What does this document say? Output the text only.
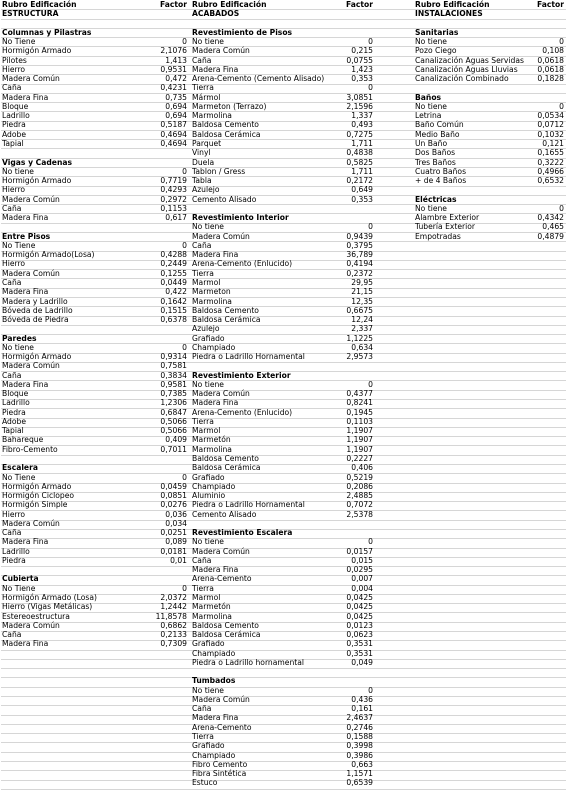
Rubro Edificación	Factor
ESTRUCTURA
Columnas y Pilastras
No Tiene	0
Hormigón Armado	2,1076
Pilotes	1,413
Hierro	0,9531
Madera Común	0,472
Caña	0,4231
Madera Fina	0,735
Bloque	0,694
Ladrillo	0,694
Piedra	0,5187
Adobe	0,4694
Tapial	0,4694
Vigas y Cadenas
No tiene	0
Hormigón Armado	0,7719
Hierro	0,4293
Madera Común	0,2972
Caña	0,1153
Madera Fina	0,617
Entre Pisos
No Tiene	0
Hormigón Armado(Losa)	0,4288
Hierro	0,2449
Madera Común	0,1255
Caña	0,0449
Madera Fina	0,422
Madera y Ladrillo	0,1642
Bóveda de Ladrillo	0,1515
Bóveda de Piedra	0,6378
Paredes
No tiene	0
Hormigón Armado	0,9314
Madera Común	0,7581
Caña	0,3834
Madera Fina	0,9581
Bloque	0,7385
Ladrillo	1,2306
Piedra	0,6847
Adobe	0,5066
Tapial	0,5066
Bahareque	0,409
Fibro-Cemento	0,7011
Escalera
No Tiene	0
Hormigón Armado	0,0459
Hormigón Ciclopeo	0,0851
Hormigón Simple	0,0276
Hierro	0,036
Madera Común	0,034
Caña	0,0251
Madera Fina	0,089
Ladrillo	0,0181
Piedra	0,01
Cubierta
No Tiene	0
Hormigón Armado (Losa)	2,0372
Hierro (Vigas Metálicas)	1,2442
Estereoestructura	11,8578
Madera Común	0,6862
Caña	0,2133
Madera Fina	0,7309
Rubro Edificación	Factor
ACABADOS
Revestimiento de Pisos
No tiene	0
Madera Común	0,215
Caña	0,0755
Madera Fina	1,423
Arena-Cemento (Cemento Alisado)	0,353
Tierra	0
Mármol	3,0851
Marmeton (Terrazo)	2,1596
Marmolina	1,337
Baldosa Cemento	0,493
Baldosa Cerámica	0,7275
Parquet	1,711
Vinyl	0,4838
Duela	0,5825
Tablon / Gress	1,711
Tabla	0,2172
Azulejo	0,649
Cemento Alisado	0,353
Revestimiento Interior
No tiene	0
Madera Común	0,9439
Caña	0,3795
Madera Fina	36,789
Arena-Cemento (Enlucido)	0,4194
Tierra	0,2372
Marmol	29,95
Marmeton	21,15
Marmolina	12,35
Baldosa Cemento	0,6675
Baldosa Cerámica	12,24
Azulejo	2,337
Grafiado	1,1225
Champiado	0,634
Piedra o Ladrillo Hornamental	2,9573
Revestimiento Exterior
No tiene	0
Madera Común	0,4377
Madera Fina	0,8241
Arena-Cemento (Enlucido)	0,1945
Tierra	0,1103
Marmol	1,1907
Marmetón	1,1907
Marmolina	1,1907
Baldosa Cemento	0,2227
Baldosa Cerámica	0,406
Grafiado	0,5219
Champiado	0,2086
Aluminio	2,4885
Piedra o Ladrillo Hornamental	0,7072
Cemento Alisado	2,5378
Revestimiento Escalera
No tiene	0
Madera Común	0,0157
Caña	0,015
Madera Fina	0,0295
Arena-Cemento	0,007
Tierra	0,004
Marmol	0,0425
Marmetón	0,0425
Marmolina	0,0425
Baldosa Cemento	0,0123
Baldosa Cerámica	0,0623
Grafiado	0,3531
Champiado	0,3531
Piedra o Ladrillo hornamental	0,049
Tumbados
No tiene	0
Madera Común	0,436
Caña	0,161
Madera Fina	2,4637
Arena-Cemento	0,2746
Tierra	0,1588
Grafiado	0,3998
Champiado	0,3986
Fibro Cemento	0,663
Fibra Sintética	1,1571
Estuco	0,6539
Rubro Edificación	Factor
INSTALACIONES
Sanitarias
No tiene	0
Pozo Ciego	0,108
Canalización Aguas Servidas 0,0618
Canalización Aguas Lluvias	0,0618
Canalización Combinado	0,1828
Baños
No tiene	0
Letrina	0,0534
Baño Común	0,0712
Medio Baño	0,1032
Un Baño	0,121
Dos Baños	0,1655
Tres Baños	0,3222
Cuatro Baños	0,4966
+ de 4 Baños	0,6532
Eléctricas
No tiene	0
Alambre Exterior	0,4342
Tubería Exterior	0,465
Empotradas	0,4879
